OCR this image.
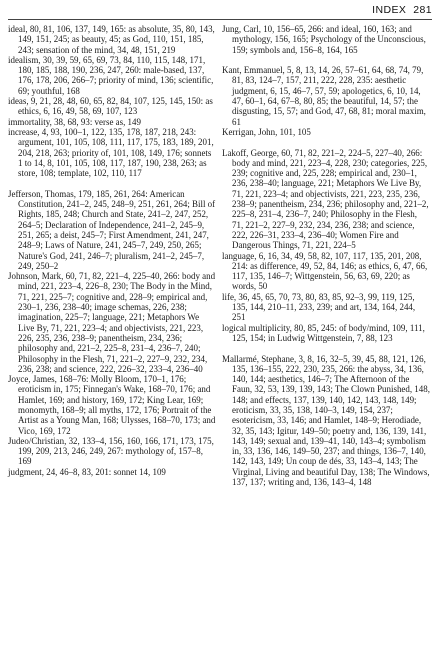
INDEX 281

ideal, 80, 81, 106, 137, 149, 165: as absolute, 35, 80, 143, 149, 151, 245; as beauty, 45; as God, 110, 151, 185, 243; sensation of the mind, 34, 48, 151, 219

idealism, 30, 39, 59, 65, 69, 73, 84, 110, 115, 148, 171, 180, 185, 188, 190, 236, 247, 260: male-based, 137, 176, 178, 206, 266–7; priority of mind, 136; scientific, 69; youthful, 168

ideas, 9, 21, 28, 48, 60, 65, 82, 84, 107, 125, 145, 150: as ethics, 6, 16, 49, 58, 69, 107, 123

immortality, 38, 68, 93: verse as, 149

increase, 4, 93, 100–1, 122, 135, 178, 187, 218, 243: argument, 101, 105, 108, 111, 117, 175, 183, 189, 201, 204, 218, 263; priority of, 101, 108, 149, 176; sonnets 1 to 14, 8, 101, 105, 108, 117, 187, 190, 238, 263; as store, 108; template, 102, 110, 117

Jefferson, Thomas, 179, 185, 261, 264: American Constitution, 241–2, 245, 248–9, 251, 261, 264; Bill of Rights, 185, 248; Church and State, 241–2, 247, 252, 264–5; Declaration of Independence, 241–2, 245–9, 251, 265; a deist, 245–7; First Amendment, 241, 247, 248–9; Laws of Nature, 241, 245–7, 249, 250, 265; Nature's God, 241, 246–7; pluralism, 241–2, 245–7, 249, 250–2

Johnson, Mark, 60, 71, 82, 221–4, 225–40, 266: body and mind, 221, 223–4, 226–8, 230; The Body in the Mind, 71, 221, 225–7; cognitive and, 228–9; empirical and, 230–1, 236, 238–40; image schemas, 226, 238; imagination, 225–7; language, 221; Metaphors We Live By, 71, 221, 223–4; and objectivists, 221, 223, 226, 235, 236, 238–9; panentheism, 234, 236; philosophy and, 221–2, 225–8, 231–4, 236–7, 240; Philosophy in the Flesh, 71, 221–2, 227–9, 232, 234, 236, 238; and science, 222, 226–32, 233–4, 236–40

Joyce, James, 168–76: Molly Bloom, 170–1, 176; eroticism in, 175; Finnegan's Wake, 168–70, 176; and Hamlet, 169; and history, 169, 172; King Lear, 169; monomyth, 168–9; all myths, 172, 176; Portrait of the Artist as a Young Man, 168; Ulysses, 168–70, 173; and Vico, 169, 172

Judeo/Christian, 32, 133–4, 156, 160, 166, 171, 173, 175, 199, 209, 213, 246, 249, 267: mythology of, 157–8, 169

judgment, 24, 46–8, 83, 201: sonnet 14, 109

Jung, Carl, 10, 156–65, 266: and ideal, 160, 163; and mythology, 156, 165; Psychology of the Unconscious, 159; symbols and, 156–8, 164, 165

Kant, Emmanuel, 5, 8, 13, 14, 26, 57–61, 64, 68, 74, 79, 81, 83, 124–7, 157, 211, 222, 228, 235: aesthetic judgment, 6, 15, 46–7, 57, 59; apologetics, 6, 10, 14, 47, 60–1, 64, 67–8, 80, 85; the beautiful, 14, 57; the disgusting, 15, 57; and God, 47, 68, 81; moral maxim, 61

Kerrigan, John, 101, 105

Lakoff, George, 60, 71, 82, 221–2, 224–5, 227–40, 266: body and mind, 221, 223–4, 228, 230; categories, 225, 239; cognitive and, 225, 228; empirical and, 230–1, 236, 238–40; language, 221; Metaphors We Live By, 71, 221, 223–4; and objectivists, 221, 223, 235, 236, 238–9; panentheism, 234, 236; philosophy and, 221–2, 225–8, 231–4, 236–7, 240; Philosophy in the Flesh, 71, 221–2, 227–9, 232, 234, 236, 238; and science, 222, 226–31, 233–4, 236–40; Women Fire and Dangerous Things, 71, 221, 224–5

language, 6, 16, 34, 49, 58, 82, 107, 117, 135, 201, 208, 214: as difference, 49, 52, 84, 146; as ethics, 6, 47, 66, 117, 135, 146–7; Wittgenstein, 56, 63, 69, 220; as words, 50

life, 36, 45, 65, 70, 73, 80, 83, 85, 92–3, 99, 119, 125, 135, 144, 210–11, 233, 239; and art, 134, 164, 244, 251

logical multiplicity, 80, 85, 245: of body/mind, 109, 111, 125, 154; in Ludwig Wittgenstein, 7, 88, 123

Mallarmé, Stephane, 3, 8, 16, 32–5, 39, 45, 88, 121, 126, 135, 136–155, 222, 230, 235, 266: the abyss, 34, 136, 140, 144; aesthetics, 146–7; The Afternoon of the Faun, 32, 53, 139, 139, 143; The Clown Punished, 148, 148; and effects, 137, 139, 140, 142, 143, 148, 149; eroticism, 33, 35, 138, 140–3, 149, 154, 237; esotericism, 33, 146; and Hamlet, 148–9; Herodiade, 32, 35, 143; Igitur, 149–50; poetry and, 136, 139, 141, 143, 149; sexual and, 139–41, 140, 143–4; symbolism in, 33, 136, 146, 149–50, 237; and things, 136–7, 140, 142, 143, 149; Un coup de dés, 33, 143–4, 143; The Virginal, Living and beautiful Day, 138; The Windows, 137, 137; writing and, 136, 143–4, 148
